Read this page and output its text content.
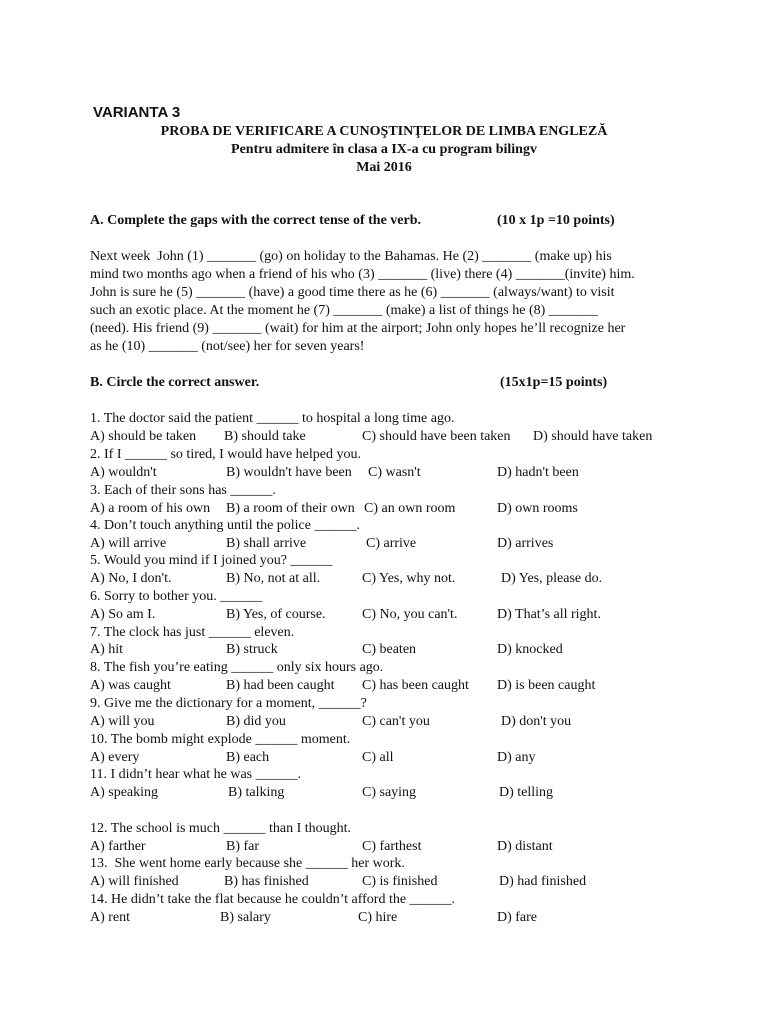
VARIANTA 3
PROBA DE VERIFICARE A CUNOŞTINŢELOR DE LIMBA ENGLEZĂ
Pentru admitere în clasa a IX-a cu program bilingv
Mai 2016
A. Complete the gaps with the correct tense of the verb.	(10 x 1p =10 points)
Next week  John (1) _______ (go) on holiday to the Bahamas. He (2) _______ (make up) his
mind two months ago when a friend of his who (3) _______ (live) there (4) _______(invite) him.
John is sure he (5) _______ (have) a good time there as he (6) _______ (always/want) to visit
such an exotic place. At the moment he (7) _______ (make) a list of things he (8) _______
(need). His friend (9) _______ (wait) for him at the airport; John only hopes he’ll recognize her
as he (10) _______ (not/see) her for seven years!
B. Circle the correct answer.	(15x1p=15 points)
1. The doctor said the patient ______ to hospital a long time ago.
A) should be taken B) should take	C) should have been taken D) should have taken
2. If I ______ so tired, I would have helped you.
A) wouldn't	B) wouldn't have been C) wasn't	D) hadn't been
3. Each of their sons has ______.
A) a room of his own B) a room of their own C) an own room	D) own rooms
4. Don’t touch anything until the police ______.
A) will arrive	B) shall arrive	C) arrive	D) arrives
5. Would you mind if I joined you? ______
A) No, I don't.	B) No, not at all.	C) Yes, why not.	D) Yes, please do.
6. Sorry to bother you. ______
A) So am I.	B) Yes, of course.	C) No, you can't.	D) That’s all right.
7. The clock has just ______ eleven.
A) hit	B) struck	C) beaten	D) knocked
8. The fish you’re eating ______ only six hours ago.
A) was caught	B) had been caught C) has been caught D) is been caught
9. Give me the dictionary for a moment, ______?
A) will you	B) did you	C) can't you	D) don't you
10. The bomb might explode ______ moment.
A) every	B) each	C) all	D) any
11. I didn’t hear what he was ______.
A) speaking	B) talking	C) saying	D) telling
12. The school is much ______ than I thought.
A) farther	B) far	C) farthest	D) distant
13.  She went home early because she ______ her work.
A) will finished	B) has finished	C) is finished	D) had finished
14. He didn’t take the flat because he couldn’t afford the ______.
A) rent	B) salary	C) hire	D) fare
